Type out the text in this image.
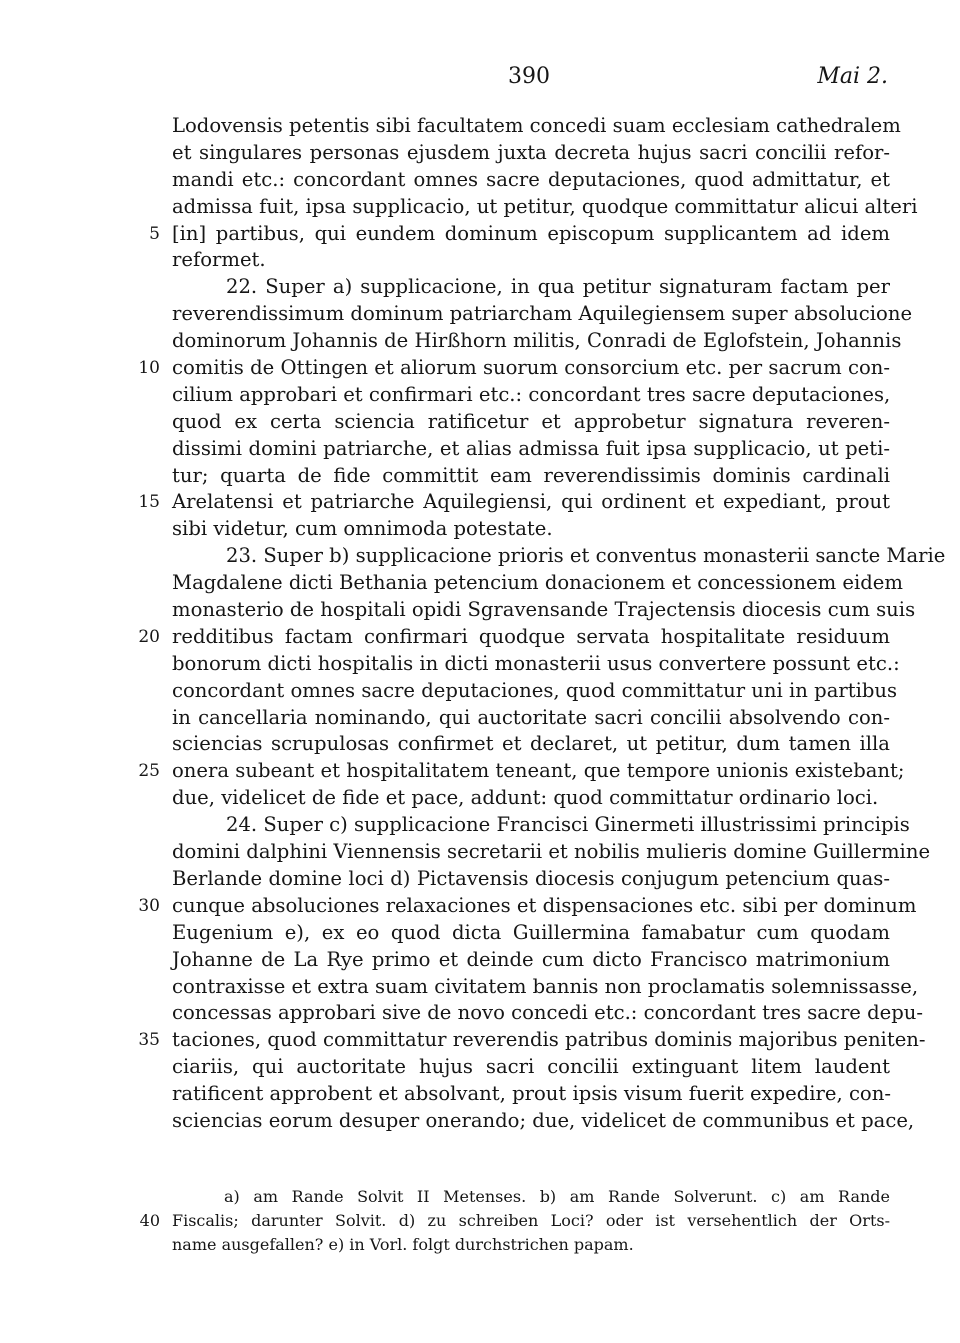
390	Mai 2.
Lodovensis petentis sibi facultatem concedi suam ecclesiam cathedralem
et singulares personas ejusdem juxta decreta hujus sacri concilii refor-
mandi etc.: concordant omnes sacre deputaciones, quod admittatur, et
admissa fuit, ipsa supplicacio, ut petitur, quodque committatur alicui alteri
5 [in] partibus, qui eundem dominum episcopum supplicantem ad idem
reformet.
22. Super a) supplicacione, in qua petitur signaturam factam per
reverendissimum dominum patriarcham Aquilegiensem super absolucione
dominorum Johannis de Hirßhorn militis, Conradi de Eglofstein, Johannis
10 comitis de Ottingen et aliorum suorum consorcium etc. per sacrum con-
cilium approbari et confirmari etc.: concordant tres sacre deputaciones,
quod ex certa sciencia ratificetur et approbetur signatura reveren-
dissimi domini patriarche, et alias admissa fuit ipsa supplicacio, ut peti-
tur; quarta de fide committit eam reverendissimis dominis cardinali
15 Arelatensi et patriarche Aquilegiensi, qui ordinent et expediant, prout
sibi videtur, cum omnimoda potestate.
23. Super b) supplicacione prioris et conventus monasterii sancte Marie
Magdalene dicti Bethania petencium donacionem et concessionem eidem
monasterio de hospitali opidi Sgravensande Trajectensis diocesis cum suis
20 redditibus factam confirmari quodque servata hospitalitate residuum
bonorum dicti hospitalis in dicti monasterii usus convertere possunt etc.:
concordant omnes sacre deputaciones, quod committatur uni in partibus
in cancellaria nominando, qui auctoritate sacri concilii absolvendo con-
sciencias scrupulosas confirmet et declaret, ut petitur, dum tamen illa
25 onera subeant et hospitalitatem teneant, que tempore unionis existebant;
due, videlicet de fide et pace, addunt: quod committatur ordinario loci.
24. Super c) supplicacione Francisci Ginermeti illustrissimi principis
domini dalphini Viennensis secretarii et nobilis mulieris domine Guillermine
Berlande domine loci d) Pictavensis diocesis conjugum petencium quas-
30 cunque absoluciones relaxaciones et dispensaciones etc. sibi per dominum
Eugenium e), ex eo quod dicta Guillermina famabatur cum quodam
Johanne de La Rye primo et deinde cum dicto Francisco matrimonium
contraxisse et extra suam civitatem bannis non proclamatis solemnissasse,
concessas approbari sive de novo concedi etc.: concordant tres sacre depu-
35 taciones, quod committatur reverendis patribus dominis majoribus peniten-
ciariis, qui auctoritate hujus sacri concilii extinguant litem laudent
ratificent approbent et absolvant, prout ipsis visum fuerit expedire, con-
sciencias eorum desuper onerando; due, videlicet de communibus et pace,
a) am Rande Solvit II Metenses. b) am Rande Solverunt. c) am Rande
40 Fiscalis; darunter Solvit. d) zu schreiben Loci? oder ist versehentlich der Orts-
name ausgefallen? e) in Vorl. folgt durchstrichen papam.
